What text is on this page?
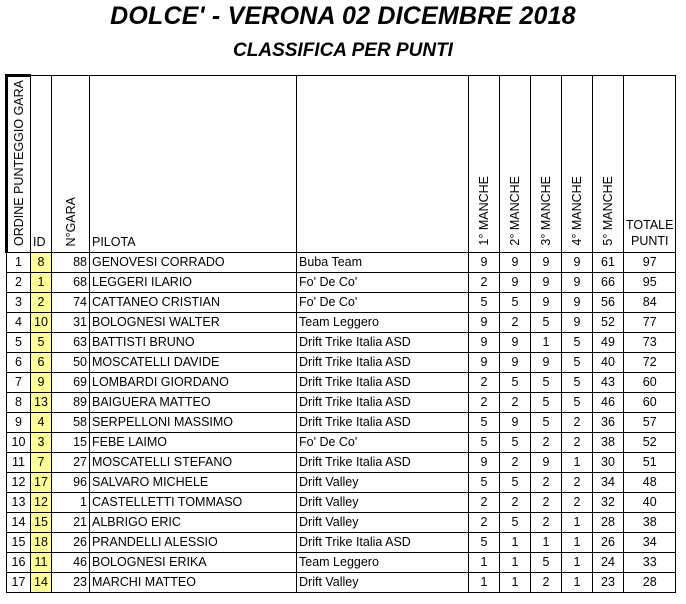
DOLCE' - VERONA 02 DICEMBRE 2018
CLASSIFICA PER PUNTI
ORDINE PUNTEGGIO GARA	ID	N°GARA	PILOTA		1° MANCHE	2° MANCHE	3° MANCHE	4° MANCHE	5° MANCHE	TOTALE
PUNTI
1	8	88	GENOVESI CORRADO	Buba Team	9	9	9	9	61	97
2	1	68	LEGGERI ILARIO	Fo' De Co'	2	9	9	9	66	95
3	2	74	CATTANEO CRISTIAN	Fo' De Co'	5	5	9	9	56	84
4	10	31	BOLOGNESI WALTER	Team Leggero	9	2	5	9	52	77
5	5	63	BATTISTI BRUNO	Drift Trike Italia ASD	9	9	1	5	49	73
6	6	50	MOSCATELLI DAVIDE	Drift Trike Italia ASD	9	9	9	5	40	72
7	9	69	LOMBARDI GIORDANO	Drift Trike Italia ASD	2	5	5	5	43	60
8	13	89	BAIGUERA MATTEO	Drift Trike Italia ASD	2	2	5	5	46	60
9	4	58	SERPELLONI MASSIMO	Drift Trike Italia ASD	5	9	5	2	36	57
10	3	15	FEBE LAIMO	Fo' De Co'	5	5	2	2	38	52
11	7	27	MOSCATELLI STEFANO	Drift Trike Italia ASD	9	2	9	1	30	51
12	17	96	SALVARO MICHELE	Drift Valley	5	5	2	2	34	48
13	12	1	CASTELLETTI TOMMASO	Drift Valley	2	2	2	2	32	40
14	15	21	ALBRIGO ERIC	Drift Valley	2	5	2	1	28	38
15	18	26	PRANDELLI ALESSIO	Drift Trike Italia ASD	5	1	1	1	26	34
16	11	46	BOLOGNESI ERIKA	Team Leggero	1	1	5	1	24	33
17	14	23	MARCHI MATTEO	Drift Valley	1	1	2	1	23	28
